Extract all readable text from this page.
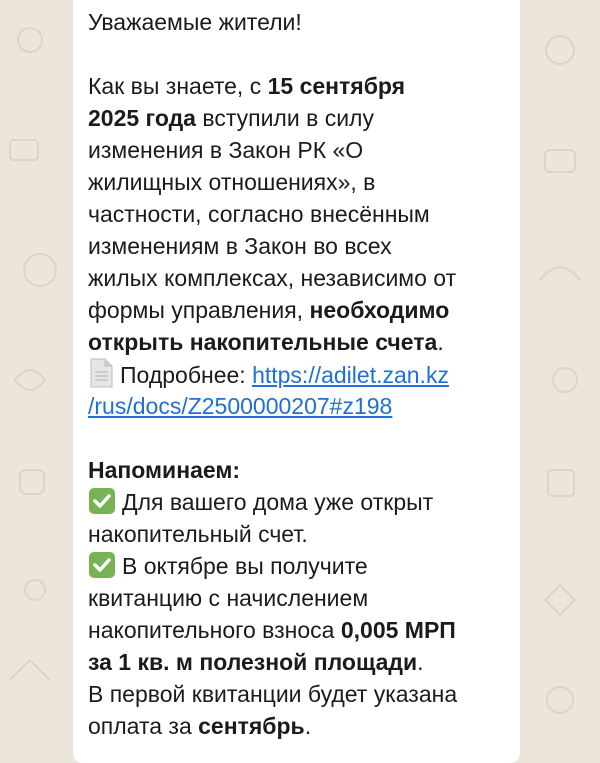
Уважаемые жители!
Как вы знаете, с 15 сентября
2025 года вступили в силу
изменения в Закон РК «О
жилищных отношениях», в
частности, согласно внесённым
изменениям в Закон во всех
жилых комплексах, независимо от
формы управления, необходимо
открыть накопительные счета.
Подробнее: https://adilet.zan.kz
/rus/docs/Z2500000207#z198
Напоминаем:
Для вашего дома уже открыт
накопительный счет.
В октябре вы получите
квитанцию с начислением
накопительного взноса 0,005 МРП
за 1 кв. м полезной площади.
В первой квитанции будет указана
оплата за сентябрь.
